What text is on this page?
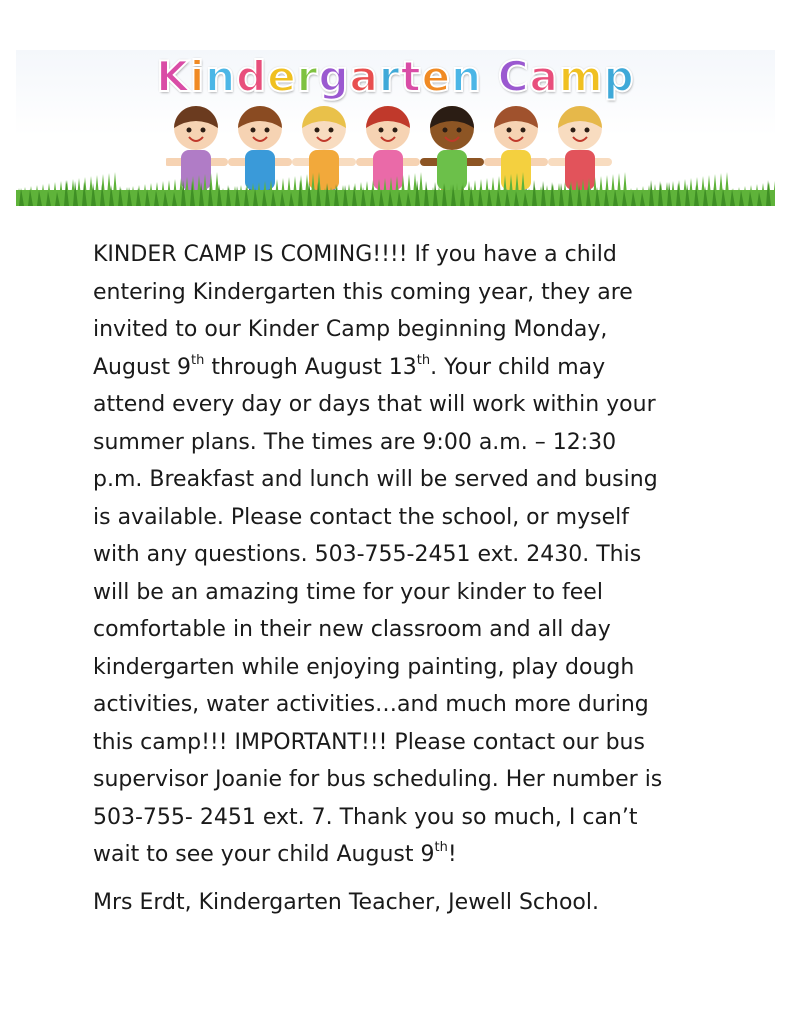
Kindergarten Camp
KINDER CAMP IS COMING!!!! If you have a child
entering Kindergarten this coming year, they are
invited to our Kinder Camp beginning Monday,
August 9th through August 13th. Your child may
attend every day or days that will work within your
summer plans. The times are 9:00 a.m. – 12:30
p.m. Breakfast and lunch will be served and busing
is available. Please contact the school, or myself
with any questions. 503-755-2451 ext. 2430. This
will be an amazing time for your kinder to feel
comfortable in their new classroom and all day
kindergarten while enjoying painting, play dough
activities, water activities…and much more during
this camp!!! IMPORTANT!!! Please contact our bus
supervisor Joanie for bus scheduling. Her number is
503-755- 2451 ext. 7. Thank you so much, I can’t
wait to see your child August 9th!
Mrs Erdt, Kindergarten Teacher, Jewell School.
